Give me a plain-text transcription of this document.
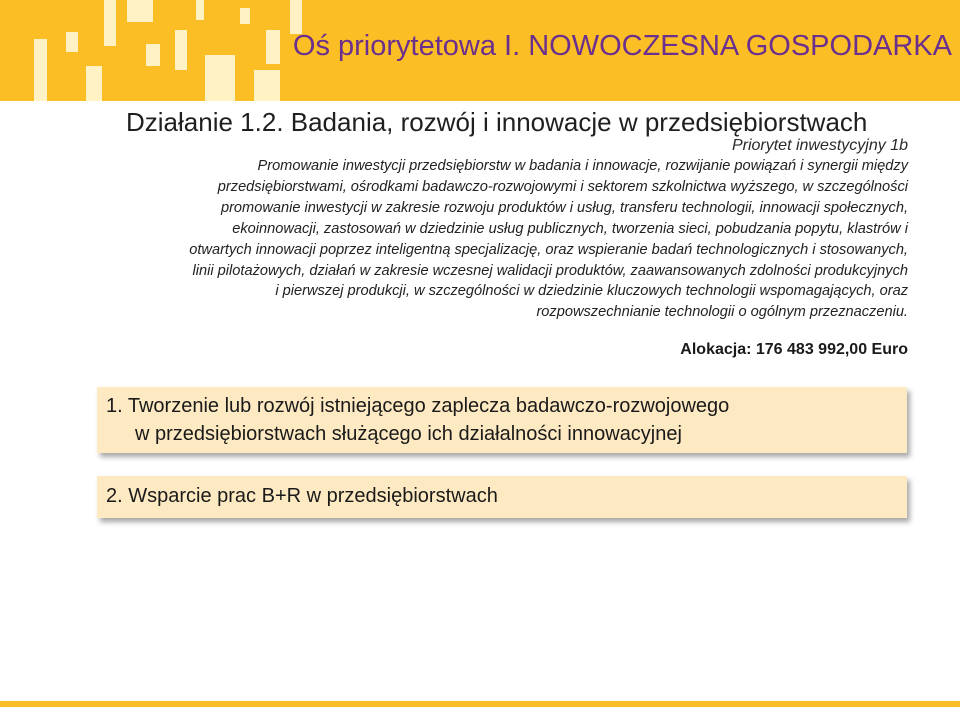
Oś priorytetowa I. NOWOCZESNA GOSPODARKA
Działanie 1.2. Badania, rozwój i innowacje w przedsiębiorstwach
Priorytet inwestycyjny 1b
Promowanie inwestycji przedsiębiorstw w badania i innowacje, rozwijanie powiązań i synergii między
przedsiębiorstwami, ośrodkami badawczo-rozwojowymi i sektorem szkolnictwa wyższego, w szczególności
promowanie inwestycji w zakresie rozwoju produktów i usług, transferu technologii, innowacji społecznych,
ekoinnowacji, zastosowań w dziedzinie usług publicznych, tworzenia sieci, pobudzania popytu, klastrów i
otwartych innowacji poprzez inteligentną specjalizację, oraz wspieranie badań technologicznych i stosowanych,
linii pilotażowych, działań w zakresie wczesnej walidacji produktów, zaawansowanych zdolności produkcyjnych
i pierwszej produkcji, w szczególności w dziedzinie kluczowych technologii wspomagających, oraz
rozpowszechnianie technologii o ogólnym przeznaczeniu.
Alokacja: 176 483 992,00 Euro
1. Tworzenie lub rozwój istniejącego zaplecza badawczo-rozwojowego
w przedsiębiorstwach służącego ich działalności innowacyjnej
2. Wsparcie prac B+R w przedsiębiorstwach
